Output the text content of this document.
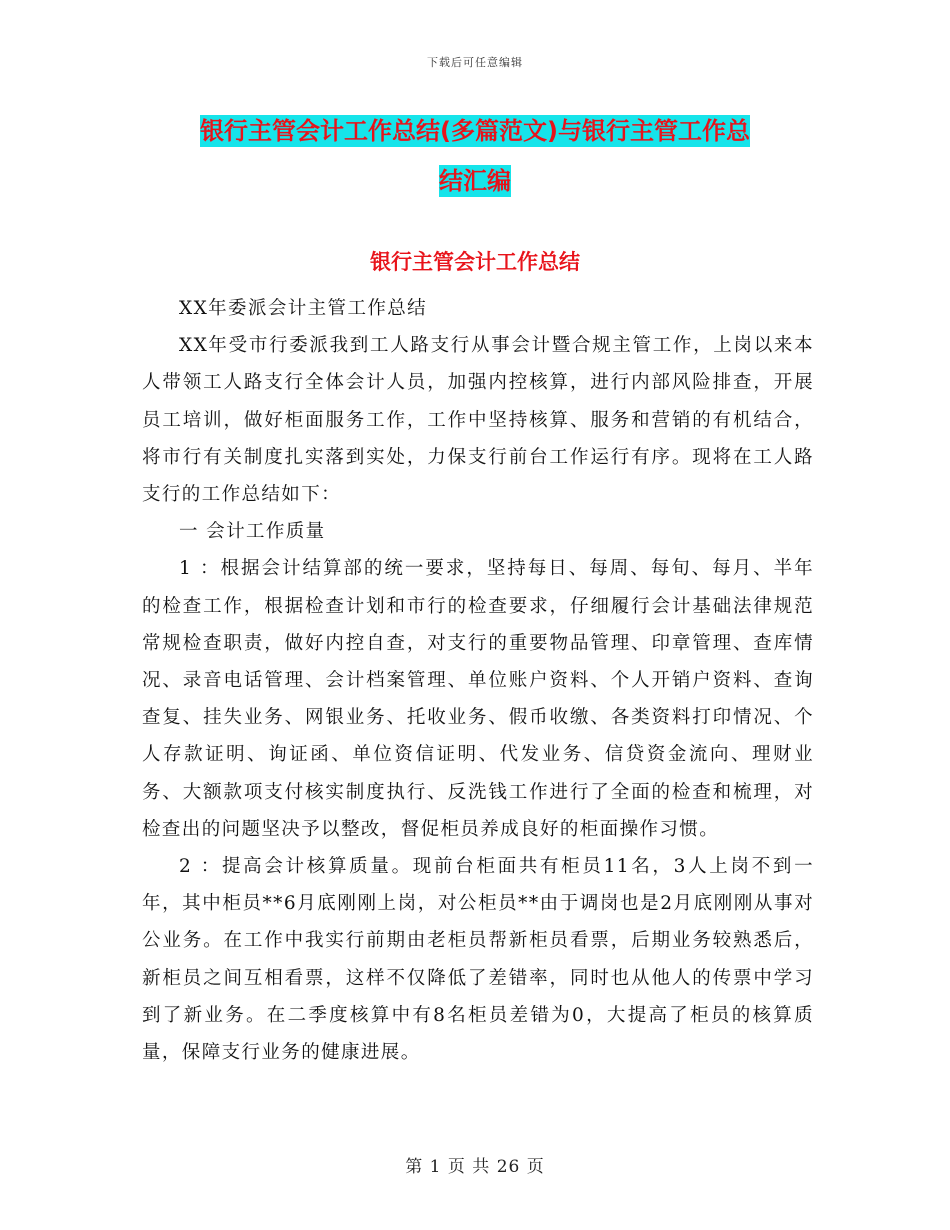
下载后可任意编辑
银行主管会计工作总结(多篇范文)与银行主管工作总
结汇编
银行主管会计工作总结

XX年委派会计主管工作总结

XX年受市行委派我到工人路支行从事会计暨合规主管工作，上岗以来本人带领工人路支行全体会计人员，加强内控核算，进行内部风险排查，开展员工培训，做好柜面服务工作，工作中坚持核算、服务和营销的有机结合，将市行有关制度扎实落到实处，力保支行前台工作运行有序。现将在工人路支行的工作总结如下：

一 会计工作质量

1 ：根据会计结算部的统一要求，坚持每日、每周、每旬、每月、半年的检查工作，根据检查计划和市行的检查要求，仔细履行会计基础法律规范常规检查职责，做好内控自查，对支行的重要物品管理、印章管理、查库情况、录音电话管理、会计档案管理、单位账户资料、个人开销户资料、查询查复、挂失业务、网银业务、托收业务、假币收缴、各类资料打印情况、个人存款证明、询证函、单位资信证明、代发业务、信贷资金流向、理财业务、大额款项支付核实制度执行、反洗钱工作进行了全面的检查和梳理，对检查出的问题坚决予以整改，督促柜员养成良好的柜面操作习惯。

2 ：提高会计核算质量。现前台柜面共有柜员11名，3人上岗不到一年，其中柜员**6月底刚刚上岗，对公柜员**由于调岗也是2月底刚刚从事对公业务。在工作中我实行前期由老柜员帮新柜员看票，后期业务较熟悉后，新柜员之间互相看票，这样不仅降低了差错率，同时也从他人的传票中学习到了新业务。在二季度核算中有8名柜员差错为0，大提高了柜员的核算质量，保障支行业务的健康进展。

第 1 页 共 26 页
